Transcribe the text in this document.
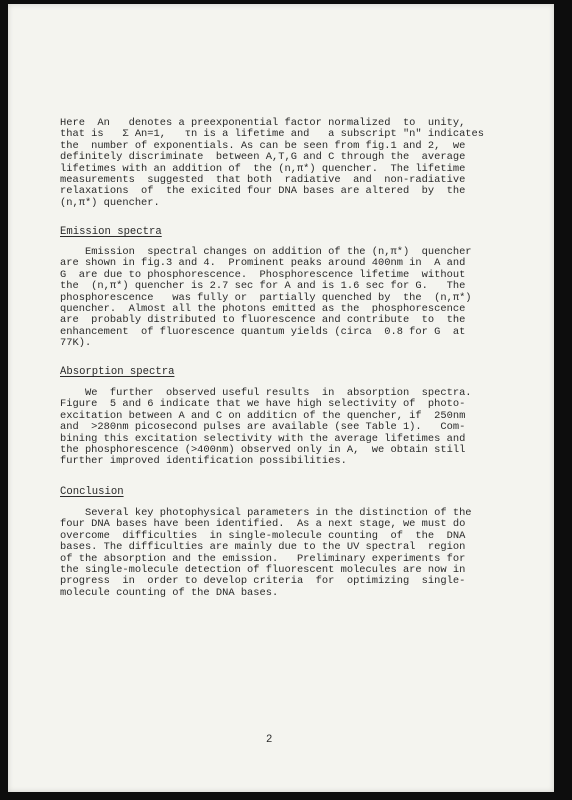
Here  An   denotes a preexponential factor normalized  to  unity,
that is   Σ An=1,   τn is a lifetime and   a subscript "n" indicates
the  number of exponentials. As can be seen from fig.1 and 2,  we
definitely discriminate  between A,T,G and C through the  average
lifetimes with an addition of  the (n,π*) quencher.  The lifetime
measurements  suggested  that both  radiative  and  non-radiative
relaxations  of  the exicited four DNA bases are altered  by  the
(n,π*) quencher.
Emission spectra
Emission  spectral changes on addition of the (n,π*)  quencher
are shown in fig.3 and 4.  Prominent peaks around 400nm in  A and
G  are due to phosphorescence.  Phosphorescence lifetime  without
the  (n,π*) quencher is 2.7 sec for A and is 1.6 sec for G.   The
phosphorescence   was fully or  partially quenched by  the  (n,π*)
quencher.  Almost all the photons emitted as the  phosphorescence
are  probably distributed to fluorescence and contribute  to  the
enhancement  of fluorescence quantum yields (circa  0.8 for G  at
77K).
Absorption spectra
We  further  observed useful results  in  absorption  spectra.
Figure  5 and 6 indicate that we have high selectivity of  photo-
excitation between A and C on additicn of the quencher, if  250nm
and  >280nm picosecond pulses are available (see Table 1).   Com-
bining this excitation selectivity with the average lifetimes and
the phosphorescence (>400nm) observed only in A,  we obtain still
further improved identification possibilities.
Conclusion
Several key photophysical parameters in the distinction of the
four DNA bases have been identified.  As a next stage, we must do
overcome  difficulties  in single-molecule counting  of  the  DNA
bases. The difficulties are mainly due to the UV spectral  region
of the absorption and the emission.   Preliminary experiments for
the single-molecule detection of fluorescent molecules are now in
progress  in  order to develop criteria  for  optimizing  single-
molecule counting of the DNA bases.
2
